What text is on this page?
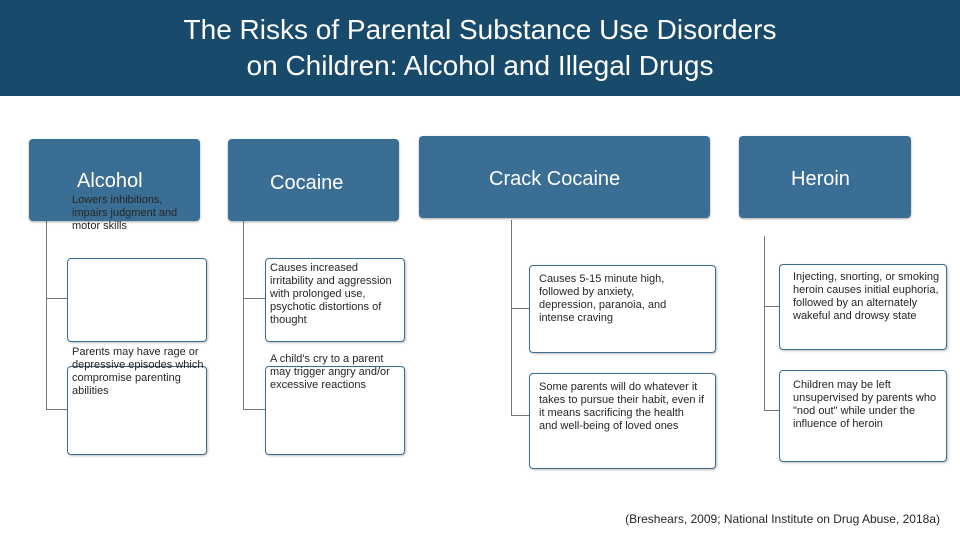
The Risks of Parental Substance Use Disorders
on Children: Alcohol and Illegal Drugs
Alcohol
Lowers inhibitions, impairs judgment and motor skills
Parents may have rage or depressive episodes which compromise parenting abilities
Cocaine
Causes increased irritability and aggression with prolonged use, psychotic distortions of thought
A child's cry to a parent may trigger angry and/or excessive reactions
Crack Cocaine
Causes 5-15 minute high, followed by anxiety, depression, paranoia, and intense craving
Some parents will do whatever it takes to pursue their habit, even if it means sacrificing the health and well-being of loved ones
Heroin
Injecting, snorting, or smoking heroin causes initial euphoria, followed by an alternately wakeful and drowsy state
Children may be left unsupervised by parents who "nod out" while under the influence of heroin
(Breshears, 2009; National Institute on Drug Abuse, 2018a)
